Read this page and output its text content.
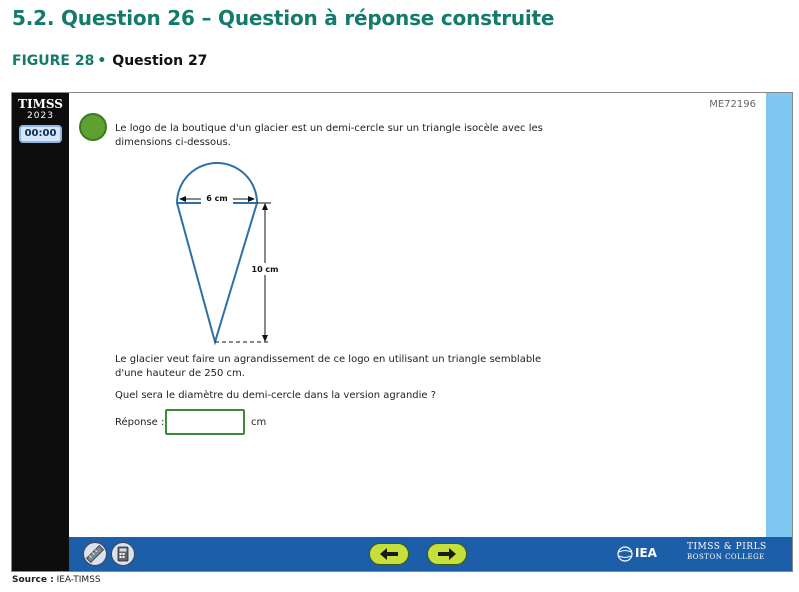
5.2. Question 26 – Question à réponse construite
FIGURE 28 • Question 27
TIMSS
2023
00:00
ME72196
Le logo de la boutique d'un glacier est un demi-cercle sur un triangle isocèle avec les dimensions ci-dessous.
6 cm
10 cm
Le glacier veut faire un agrandissement de ce logo en utilisant un triangle semblable d'une hauteur de 250 cm.
Quel sera le diamètre du demi-cercle dans la version agrandie ?
Réponse :	cm
IEA	TIMSS & PIRLS
BOSTON COLLEGE
Source : IEA-TIMSS
